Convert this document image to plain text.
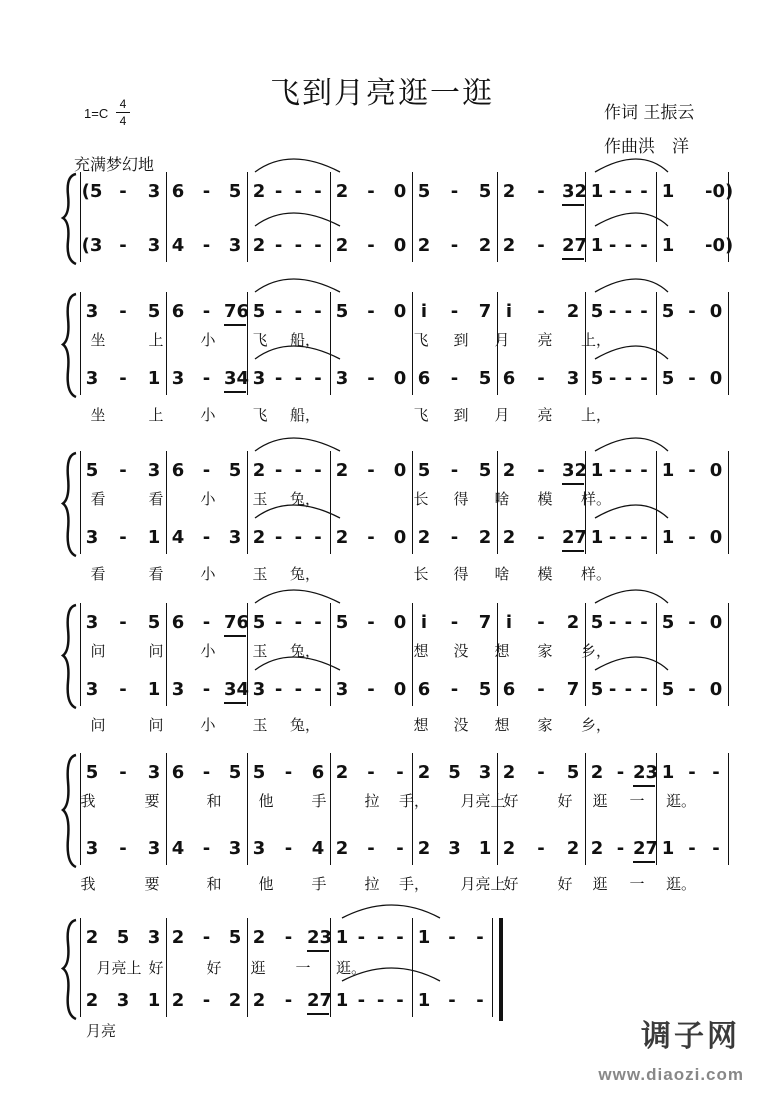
飞到月亮逛一逛
1=C
4
4	作词 王振云
作曲洪　洋
充满梦幻地
(5 -	3 6	-	5 2 - - - 2	-	0 5	-	5 2	- 32 1 - - - 1 -0)
(3 -	3 4	-	3 2 - - - 2	-	0 2	-	2 2	- 27 1 - - - 1 -0)
3	-	5 6	- 76 5 - - - 5	-	0 i	-	7 i	-	2 5 - - - 5 - 0
3	-	1 3	- 34 3 - - - 3	-	0 6	-	5 6	-	3 5 - - - 5 - 0
坐	上	小	飞	船，	飞	到	月	亮	上，
坐	上	小	飞	船，	飞	到	月	亮	上，
5	-	3 6	-	5 2 - - - 2	-	0 5	-	5 2	- 32 1 - - - 1 - 0
3	-	1 4	-	3 2 - - - 2	-	0 2	-	2 2	- 27 1 - - - 1 - 0
看	看	小	玉	兔，	长	得	啥	模	样。
看	看	小	玉	兔，	长	得	啥	模	样。
3	-	5 6	- 76 5 - - - 5	-	0 i	-	7 i	-	2 5 - - - 5 - 0
3	-	1 3	- 34 3 - - - 3	-	0 6	-	5 6	-	7 5 - - - 5 - 0
问	问	小	玉	兔，	想	没	想	家	乡，
问	问	小	玉	兔，	想	没	想	家	乡，
5	-	3 6	-	5 5	-	6 2	-	- 2 5 3 2	-	5 2 - 23 1 - -
3	-	3 4	-	3 3	-	4 2	-	- 2 3 1 2	-	2 2 - 27 1 - -
我	要	和	他	手	拉	手，	月亮上
好	好	逛	一	逛。
我	要	和	他	手	拉	手，	月亮上
好	好	逛	一	逛。
2 5 3 2	-	5 2	- 23 1 - - - 1 -	-
2 3 1 2	-	2 2	- 27 1 - - - 1 -	-
月亮上 好	好	逛	一	逛。
月亮	调子网
www.diaozi.com
